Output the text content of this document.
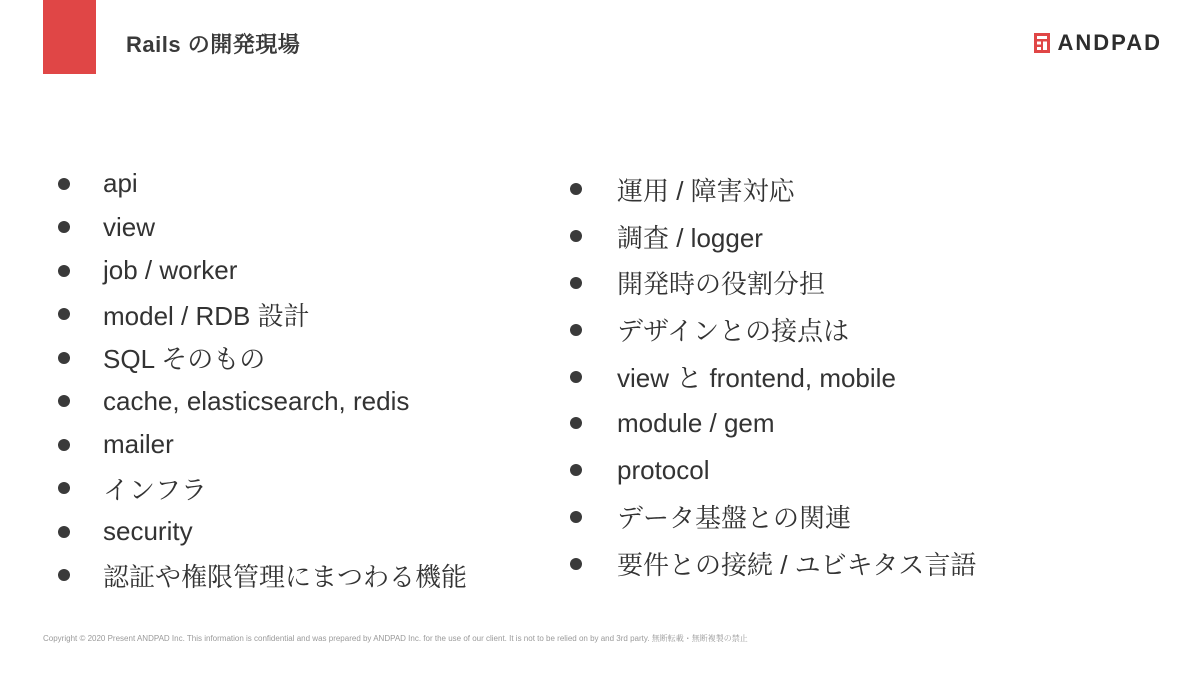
Rails の開発現場	ANDPAD
api
view
job / worker
model / RDB 設計
SQL そのもの
cache, elasticsearch, redis
mailer
インフラ
security
認証や権限管理にまつわる機能
運用 / 障害対応
調査 / logger
開発時の役割分担
デザインとの接点は
view と frontend, mobile
module / gem
protocol
データ基盤との関連
要件との接続 / ユビキタス言語
Copyright © 2020 Present ANDPAD Inc. This information is confidential and was prepared by ANDPAD Inc. for the use of our client. It is not to be relied on by and 3rd party. 無断転載・無断複製の禁止
